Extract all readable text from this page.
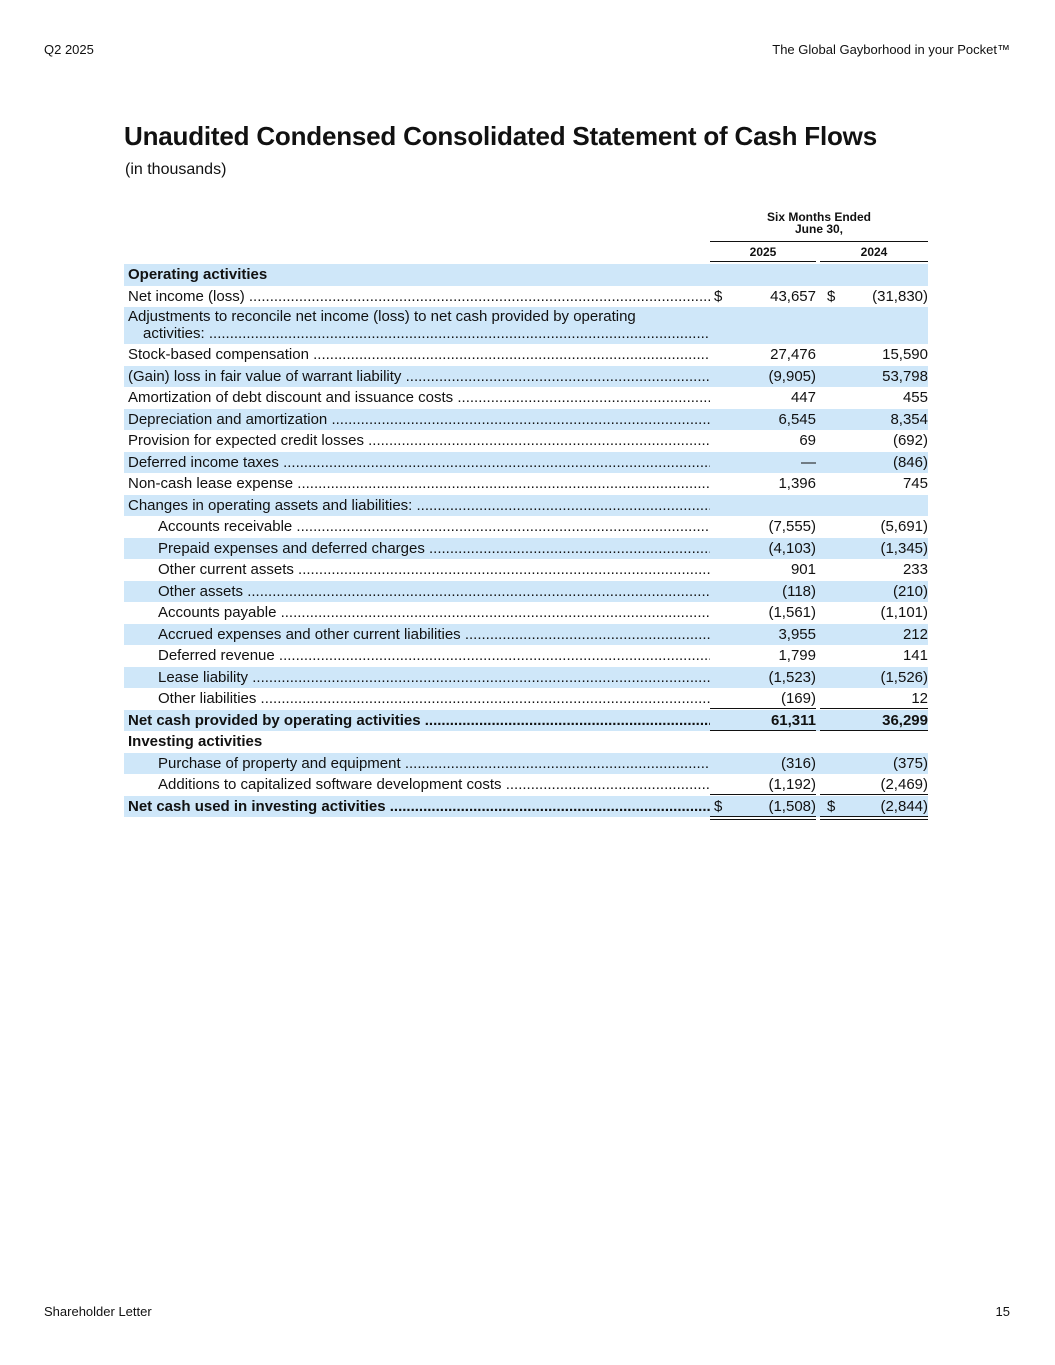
Q2 2025	The Global Gayborhood in your Pocket™
Unaudited Condensed Consolidated Statement of Cash Flows
(in thousands)
Six Months Ended
June 30,
2025	2024
Operating activities
Net income (loss) .....	$	43,657 $	(31,830)
Adjustments to reconcile net income (loss) to net cash provided by operating
activities: .....
Stock-based compensation .....	27,476	15,590
(Gain) loss in fair value of warrant liability .....	(9,905)	53,798
Amortization of debt discount and issuance costs .....	447	455
Depreciation and amortization .....	6,545	8,354
Provision for expected credit losses .....	69	(692)
Deferred income taxes .....	—	(846)
Non-cash lease expense .....	1,396	745
Changes in operating assets and liabilities: .....
Accounts receivable .....	(7,555)	(5,691)
Prepaid expenses and deferred charges .....	(4,103)	(1,345)
Other current assets .....	901	233
Other assets .....	(118)	(210)
Accounts payable .....	(1,561)	(1,101)
Accrued expenses and other current liabilities .....	3,955	212
Deferred revenue .....	1,799	141
Lease liability .....	(1,523)	(1,526)
Other liabilities .....	(169)	12
Net cash provided by operating activities .....	61,311	36,299
Investing activities
Purchase of property and equipment .....	(316)	(375)
Additions to capitalized software development costs .....	(1,192)	(2,469)
Net cash used in investing activities .....	$	(1,508) $	(2,844)
Shareholder Letter	15
